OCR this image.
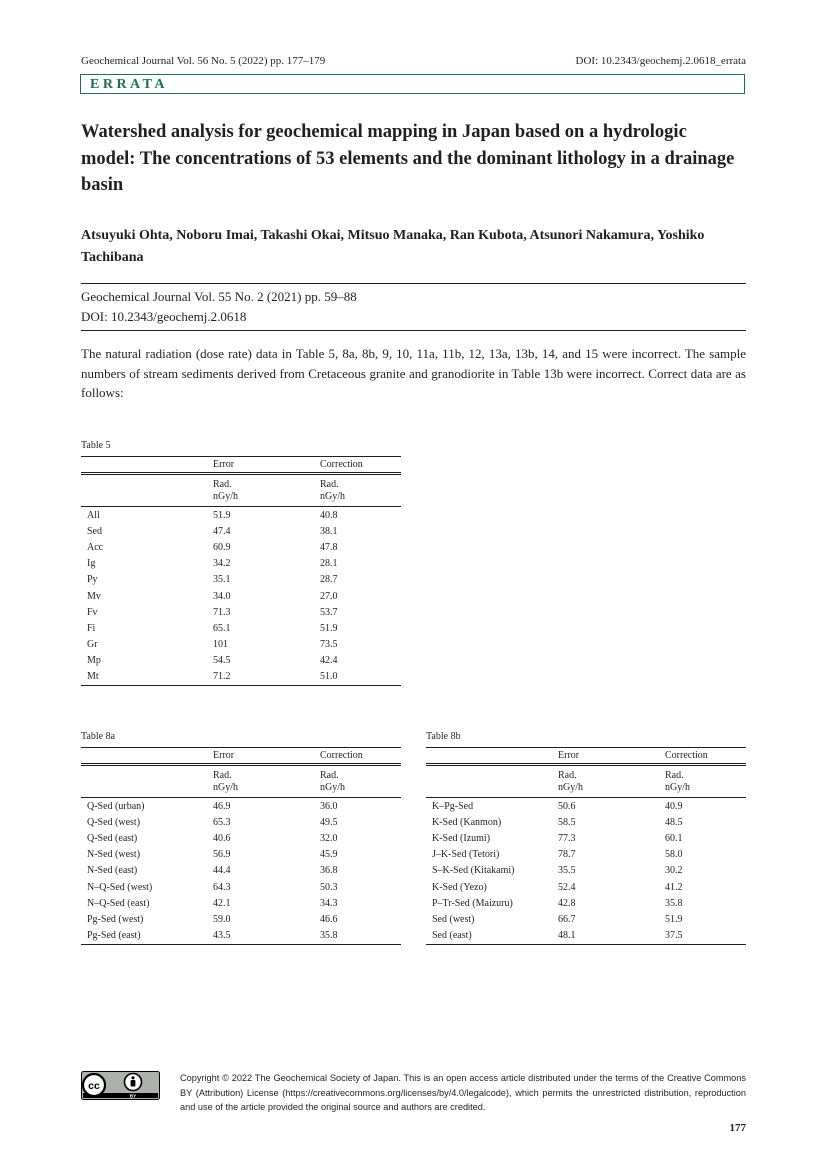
Geochemical Journal Vol. 56 No. 5 (2022) pp. 177–179	DOI: 10.2343/geochemj.2.0618_errata
ERRATA
Watershed analysis for geochemical mapping in Japan based on a hydrologic model: The concentrations of 53 elements and the dominant lithology in a drainage basin
Atsuyuki Ohta, Noboru Imai, Takashi Okai, Mitsuo Manaka, Ran Kubota, Atsunori Nakamura, Yoshiko Tachibana
Geochemical Journal Vol. 55 No. 2 (2021) pp. 59–88
DOI: 10.2343/geochemj.2.0618
The natural radiation (dose rate) data in Table 5, 8a, 8b, 9, 10, 11a, 11b, 12, 13a, 13b, 14, and 15 were incorrect. The sample numbers of stream sediments derived from Cretaceous granite and granodiorite in Table 13b were incorrect. Correct data are as follows:
Table 5
	Error	Correction
	Rad.	Rad.
	nGy/h	nGy/h
All	51.9	40.8
Sed	47.4	38.1
Acc	60.9	47.8
Ig	34.2	28.1
Py	35.1	28.7
Mv	34.0	27.0
Fv	71.3	53.7
Fi	65.1	51.9
Gr	101	73.5
Mp	54.5	42.4
Mt	71.2	51.0
Table 8a
	Error	Correction
	Rad.	Rad.
	nGy/h	nGy/h
Q-Sed (urban)	46.9	36.0
Q-Sed (west)	65.3	49.5
Q-Sed (east)	40.6	32.0
N-Sed (west)	56.9	45.9
N-Sed (east)	44.4	36.8
N–Q-Sed (west)	64.3	50.3
N–Q-Sed (east)	42.1	34.3
Pg-Sed (west)	59.0	46.6
Pg-Sed (east)	43.5	35.8
Table 8b
	Error	Correction
	Rad.	Rad.
	nGy/h	nGy/h
K–Pg-Sed	50.6	40.9
K-Sed (Kanmon)	58.5	48.5
K-Sed (Izumi)	77.3	60.1
J–K-Sed (Tetori)	78.7	58.0
S–K-Sed (Kitakami)	35.5	30.2
K-Sed (Yezo)	52.4	41.2
P–Tr-Sed (Maizuru)	42.8	35.8
Sed (west)	66.7	51.9
Sed (east)	48.1	37.5
cc
BY
Copyright © 2022 The Geochemical Society of Japan. This is an open access article distributed under the terms of the Creative Commons BY (Attribution) License (https://creativecommons.org/licenses/by/4.0/legalcode), which permits the unrestricted distribution, reproduction and use of the article provided the original source and authors are credited.
177
